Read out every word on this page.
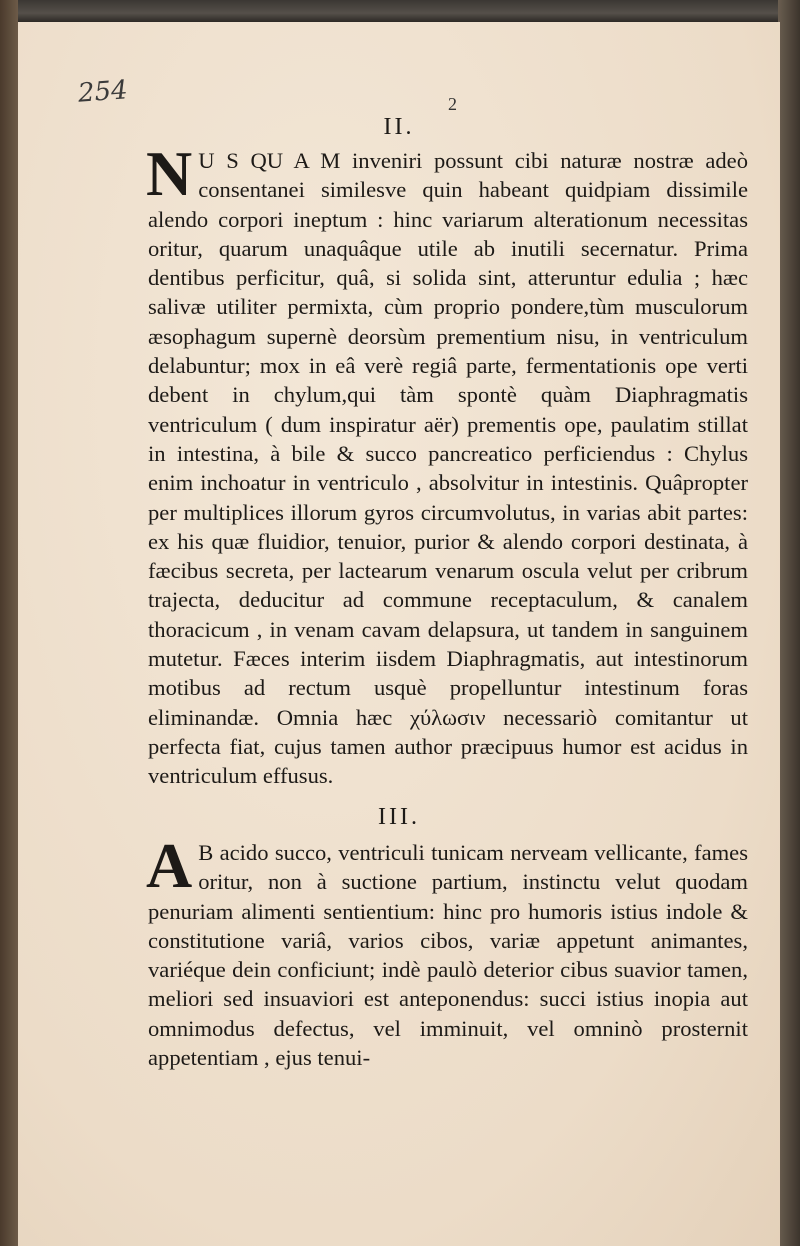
254	2
II.

N U S QU A M inveniri possunt cibi naturæ nostræ adeò consentanei similesve quin habeant quidpiam dissimile alendo corpori ineptum : hinc variarum alterationum necessitas oritur, quarum unaquâque utile ab inutili secernatur. Prima dentibus perficitur, quâ, si solida sint, atteruntur edulia ; hæc salivæ utiliter permixta, cùm proprio pondere,tùm musculorum æsophagum supernè deorsùm prementium nisu, in ventriculum delabuntur; mox in eâ verè regiâ parte, fermentationis ope verti debent in chylum,qui tàm spontè quàm Diaphragmatis ventriculum ( dum inspiratur aër) prementis ope, paulatim stillat in intestina, à bile & succo pancreatico perficiendus : Chylus enim inchoatur in ventriculo , absolvitur in intestinis. Quâpropter per multiplices illorum gyros circumvolutus, in varias abit partes: ex his quæ fluidior, tenuior, purior & alendo corpori destinata, à fæcibus secreta, per lactearum venarum oscula velut per cribrum trajecta, deducitur ad commune receptaculum, & canalem thoracicum , in venam cavam delapsura, ut tandem in sanguinem mutetur. Fæces interim iisdem Diaphragmatis, aut intestinorum motibus ad rectum usquè propelluntur intestinum foras eliminandæ. Omnia hæc χύλωσιν necessariò comitantur ut perfecta fiat, cujus tamen author præcipuus humor est acidus in ventriculum effusus.

III.

A B acido succo, ventriculi tunicam nerveam vellicante, fames oritur, non à suctione partium, instinctu velut quodam penuriam alimenti sentientium: hinc pro humoris istius indole & constitutione variâ, varios cibos, variæ appetunt animantes, variéque dein conficiunt; indè paulò deterior cibus suavior tamen, meliori sed insuaviori est anteponendus: succi istius inopia aut omnimodus defectus, vel imminuit, vel omninò prosternit appetentiam , ejus tenui-
